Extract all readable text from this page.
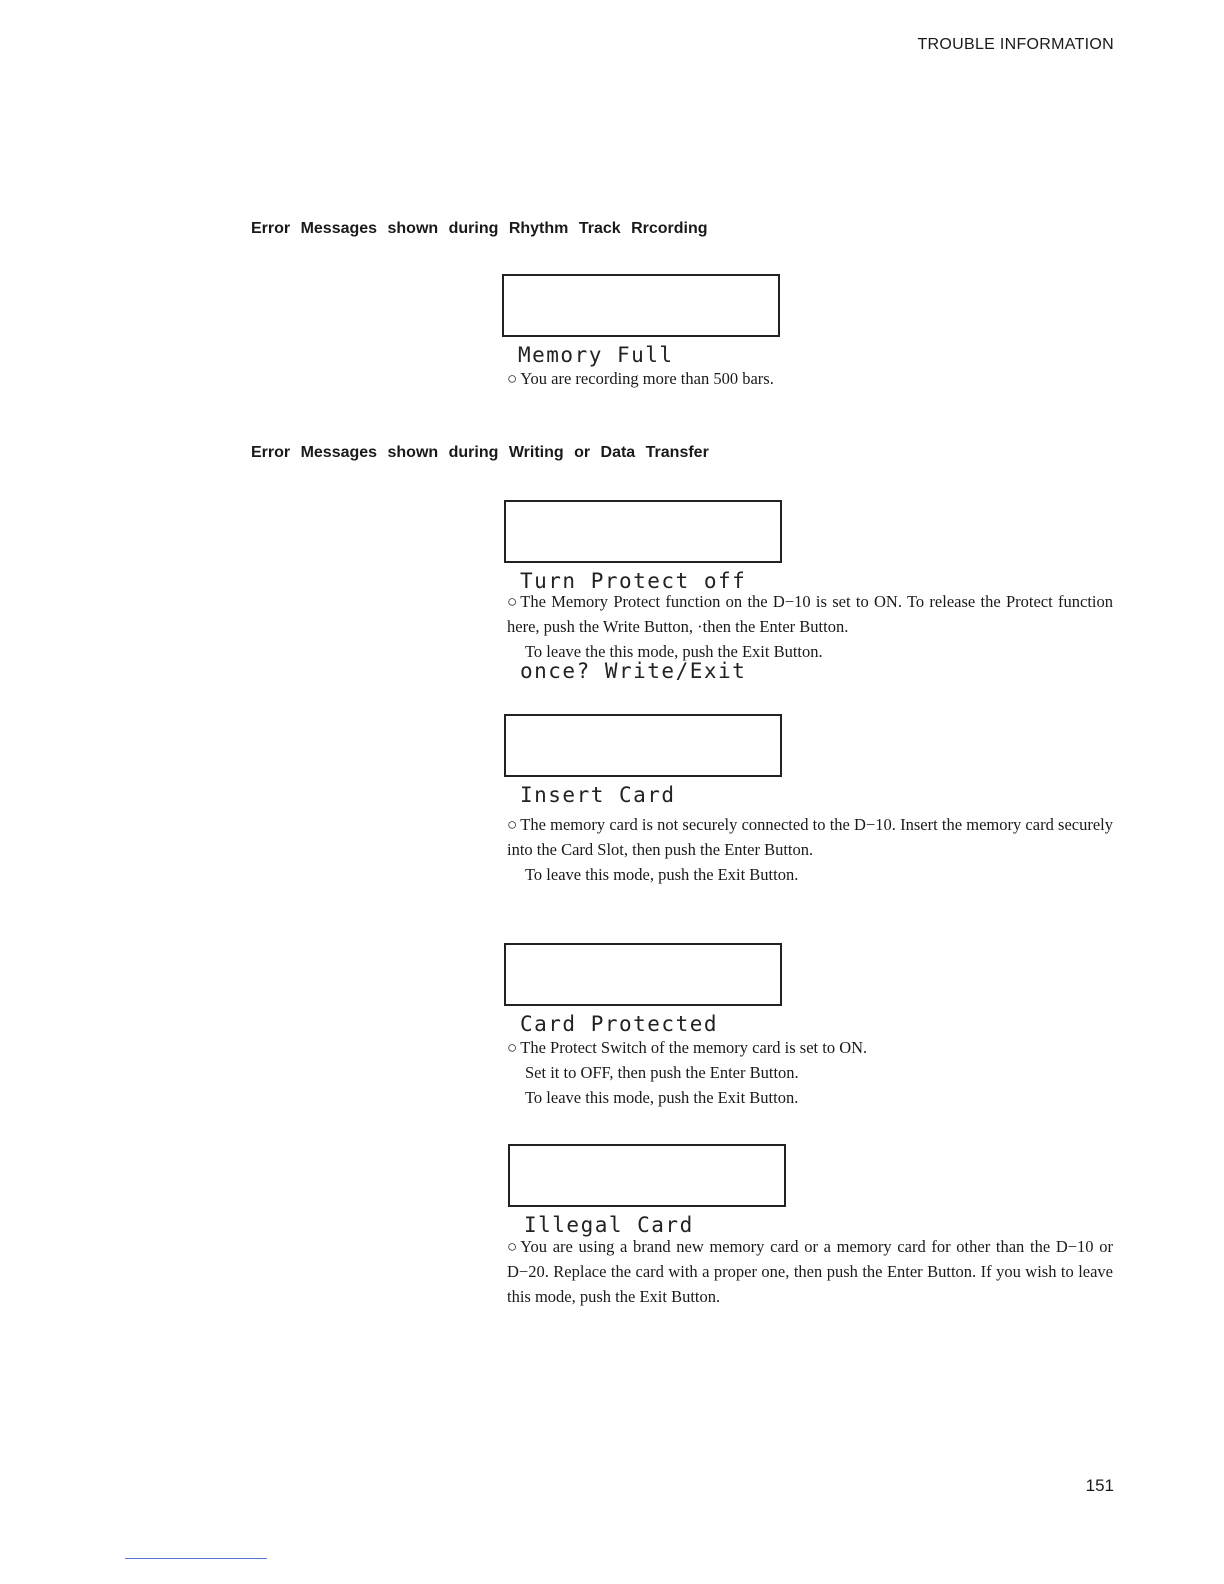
TROUBLE INFORMATION
Error Messages shown during Rhythm Track Rrcording

Memory Full

○ You are recording more than 500 bars.

Error Messages shown during Writing or Data Transfer

Turn Protect off

once? Write/Exit

○ The Memory Protect function on the D−10 is set to ON. To release the Protect function here, push the Write Button, ·then the Enter Button.

To leave the this mode, push the Exit Button.

Insert Card

○ The memory card is not securely connected to the D−10. Insert the memory card securely into the Card Slot, then push the Enter Button.

To leave this mode, push the Exit Button.

Card Protected

○ The Protect Switch of the memory card is set to ON.

Set it to OFF, then push the Enter Button.

To leave this mode, push the Exit Button.

Illegal Card

○ You are using a brand new memory card or a memory card for other than the D−10 or D−20. Replace the card with a proper one, then push the Enter Button. If you wish to leave this mode, push the Exit Button.

151
